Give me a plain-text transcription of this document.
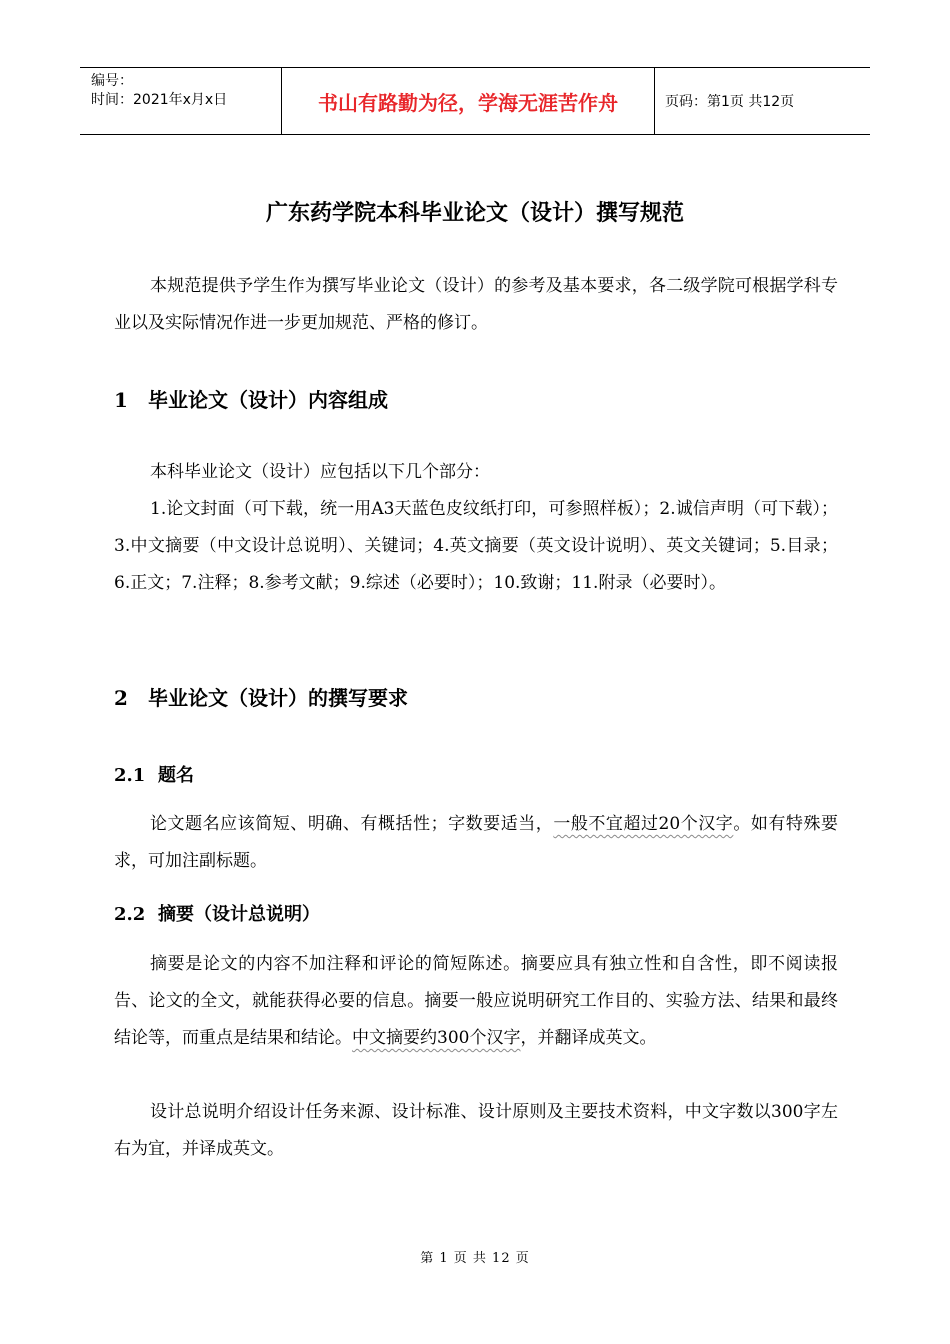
编号：
时间：2021年x月x日	书山有路勤为径，学海无涯苦作舟	页码：第1页 共12页
广东药学院本科毕业论文（设计）撰写规范

本规范提供予学生作为撰写毕业论文（设计）的参考及基本要求，各二级学院可根据学科专业以及实际情况作进一步更加规范、严格的修订。

1 毕业论文（设计）内容组成

本科毕业论文（设计）应包括以下几个部分：

1.论文封面（可下载，统一用A3天蓝色皮纹纸打印，可参照样板）；2.诚信声明（可下载）；3.中文摘要（中文设计总说明）、关键词；4.英文摘要（英文设计说明）、英文关键词；5.目录；6.正文；7.注释；8.参考文献；9.综述（必要时）；10.致谢；11.附录（必要时）。

2 毕业论文（设计）的撰写要求
2.1 题名

论文题名应该简短、明确、有概括性；字数要适当，一般不宜超过20个汉字。如有特殊要求，可加注副标题。

2.2 摘要（设计总说明）

摘要是论文的内容不加注释和评论的简短陈述。摘要应具有独立性和自含性，即不阅读报告、论文的全文，就能获得必要的信息。摘要一般应说明研究工作目的、实验方法、结果和最终结论等，而重点是结果和结论。中文摘要约300个汉字，并翻译成英文。

设计总说明介绍设计任务来源、设计标准、设计原则及主要技术资料，中文字数以300字左右为宜，并译成英文。

第 1 页 共 12 页
